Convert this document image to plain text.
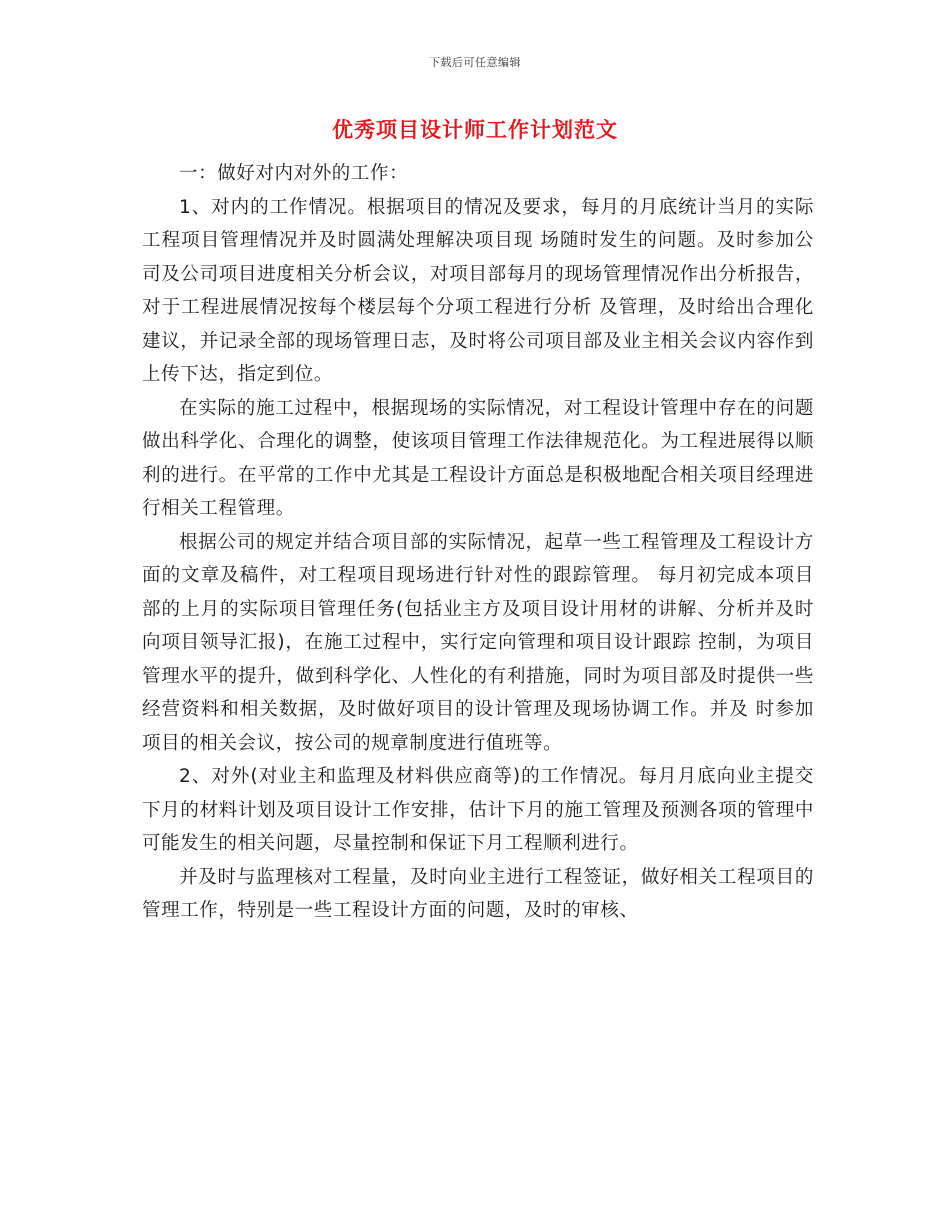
下载后可任意编辑
优秀项目设计师工作计划范文

一：做好对内对外的工作：

1、对内的工作情况。根据项目的情况及要求，每月的月底统计当月的实际工程项目管理情况并及时圆满处理解决项目现 场随时发生的问题。及时参加公司及公司项目进度相关分析会议，对项目部每月的现场管理情况作出分析报告，对于工程进展情况按每个楼层每个分项工程进行分析 及管理，及时给出合理化建议，并记录全部的现场管理日志，及时将公司项目部及业主相关会议内容作到上传下达，指定到位。

在实际的施工过程中，根据现场的实际情况，对工程设计管理中存在的问题做出科学化、合理化的调整，使该项目管理工作法律规范化。为工程进展得以顺利的进行。在平常的工作中尤其是工程设计方面总是积极地配合相关项目经理进行相关工程管理。

根据公司的规定并结合项目部的实际情况，起草一些工程管理及工程设计方面的文章及稿件，对工程项目现场进行针对性的跟踪管理。 每月初完成本项目部的上月的实际项目管理任务(包括业主方及项目设计用材的讲解、分析并及时向项目领导汇报)，在施工过程中，实行定向管理和项目设计跟踪 控制，为项目管理水平的提升，做到科学化、人性化的有利措施，同时为项目部及时提供一些经营资料和相关数据，及时做好项目的设计管理及现场协调工作。并及 时参加项目的相关会议，按公司的规章制度进行值班等。

2、对外(对业主和监理及材料供应商等)的工作情况。每月月底向业主提交下月的材料计划及项目设计工作安排，估计下月的施工管理及预测各项的管理中可能发生的相关问题，尽量控制和保证下月工程顺利进行。

并及时与监理核对工程量，及时向业主进行工程签证，做好相关工程项目的管理工作，特别是一些工程设计方面的问题，及时的审核、
